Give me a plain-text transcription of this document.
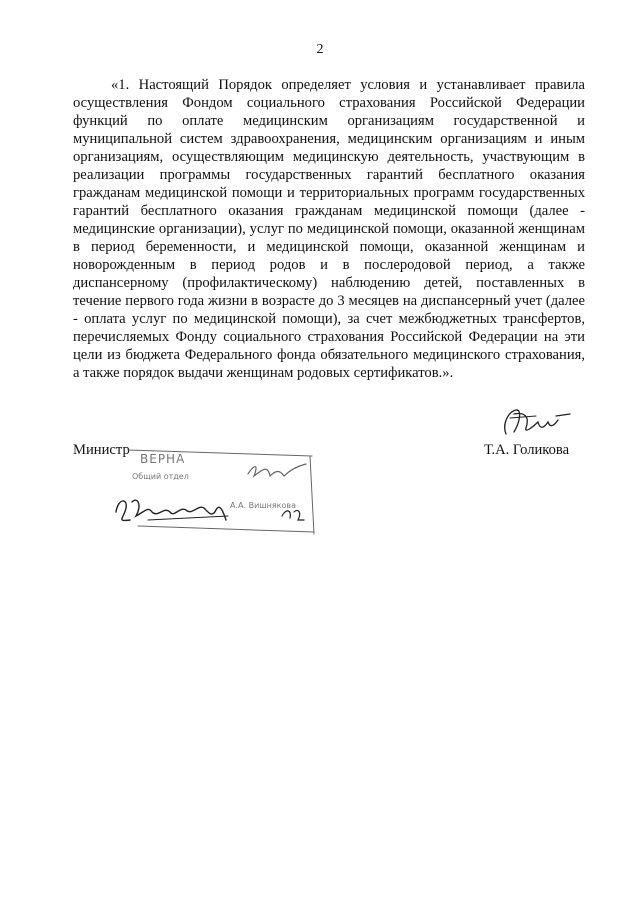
2

«1. Настоящий Порядок определяет условия и устанавливает правила осуществления Фондом социального страхования Российской Федерации функций по оплате медицинским организациям государственной и муниципальной систем здравоохранения, медицинским организациям и иным организациям, осуществляющим медицинскую деятельность, участвующим в реализации программы государственных гарантий бесплатного оказания гражданам медицинской помощи и территориальных программ государственных гарантий бесплатного оказания гражданам медицинской помощи (далее - медицинские организации), услуг по медицинской помощи, оказанной женщинам в период беременности, и медицинской помощи, оказанной женщинам и новорожденным в период родов и в послеродовой период, а также диспансерному (профилактическому) наблюдению детей, поставленных в течение первого года жизни в возрасте до 3 месяцев на диспансерный учет (далее - оплата услуг по медицинской помощи), за счет межбюджетных трансфертов, перечисляемых Фонду социального страхования Российской Федерации на эти цели из бюджета Федерального фонда обязательного медицинского страхования, а также порядок выдачи женщинам родовых сертификатов.».

Министр	Т.А. Голикова
ВЕРНА
Общий отдел
А.А. Вишнякова
